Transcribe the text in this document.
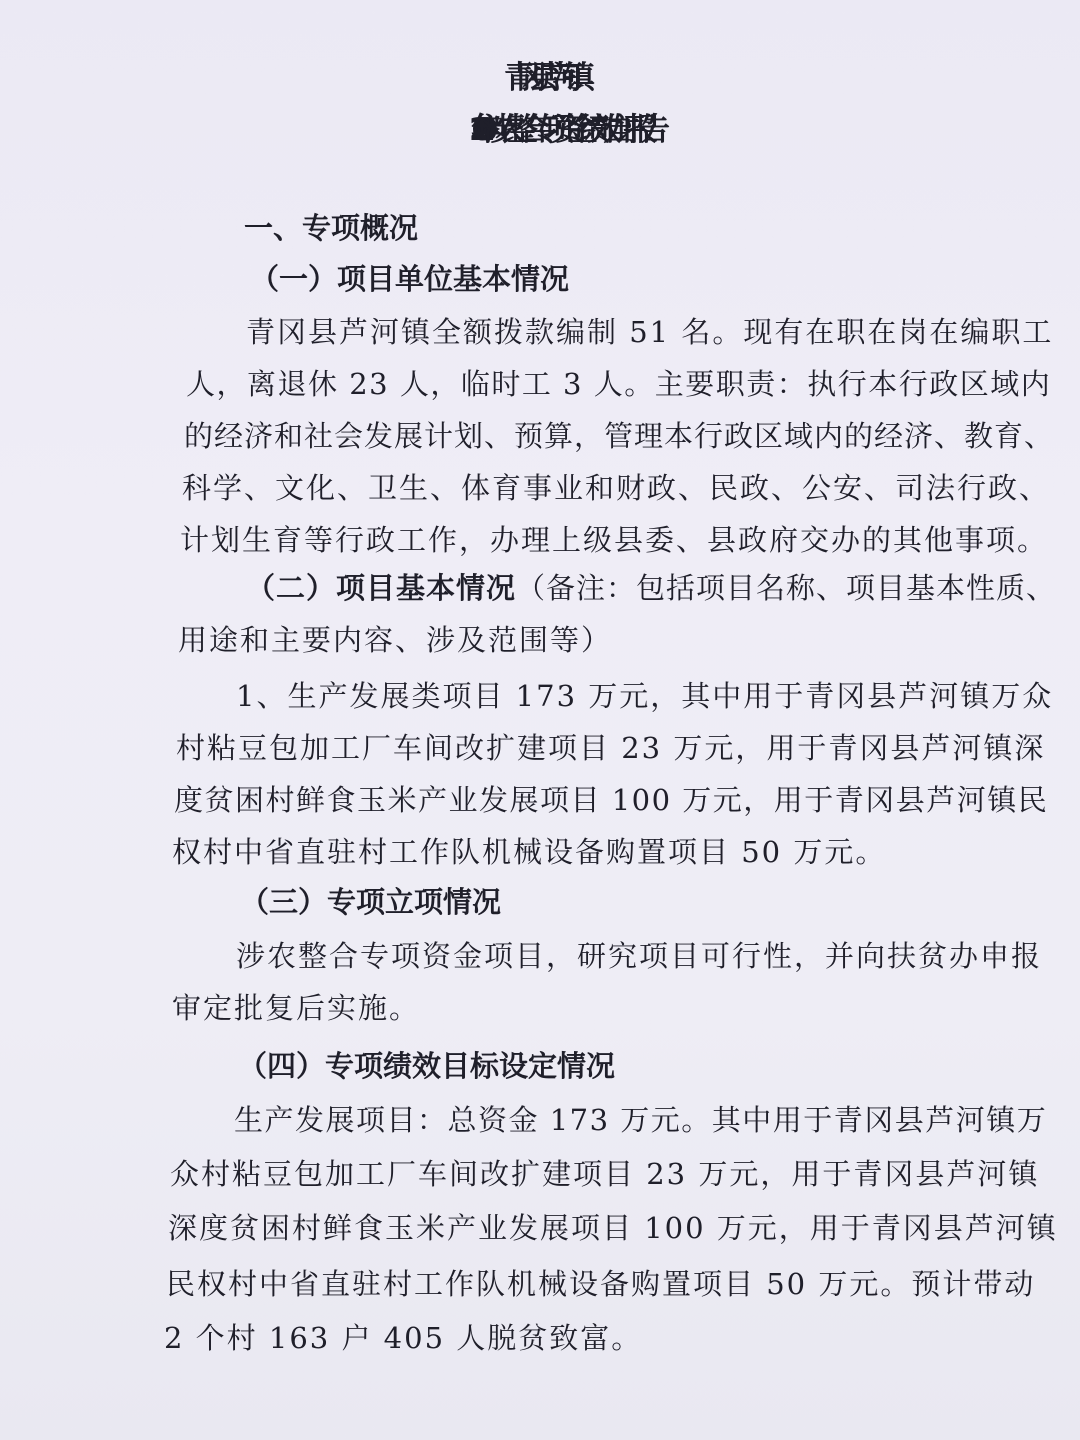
青冈县芦河镇
2020 年涉农整合专项资金绩效自评报告
一、专项概况
（一）项目单位基本情况
青冈县芦河镇全额拨款编制 51 名。现有在职在岗在编职工
人，离退休 23 人，临时工 3 人。主要职责：执行本行政区域内
的经济和社会发展计划、预算，管理本行政区域内的经济、教育、
科学、文化、卫生、体育事业和财政、民政、公安、司法行政、
计划生育等行政工作，办理上级县委、县政府交办的其他事项。
（二）项目基本情况（备注：包括项目名称、项目基本性质、
用途和主要内容、涉及范围等）
1、生产发展类项目 173 万元，其中用于青冈县芦河镇万众
村粘豆包加工厂车间改扩建项目 23 万元，用于青冈县芦河镇深
度贫困村鲜食玉米产业发展项目 100 万元，用于青冈县芦河镇民
权村中省直驻村工作队机械设备购置项目 50 万元。
（三）专项立项情况
涉农整合专项资金项目，研究项目可行性，并向扶贫办申报
审定批复后实施。
（四）专项绩效目标设定情况
生产发展项目：总资金 173 万元。其中用于青冈县芦河镇万
众村粘豆包加工厂车间改扩建项目 23 万元，用于青冈县芦河镇
深度贫困村鲜食玉米产业发展项目 100 万元，用于青冈县芦河镇
民权村中省直驻村工作队机械设备购置项目 50 万元。预计带动
2 个村 163 户 405 人脱贫致富。
